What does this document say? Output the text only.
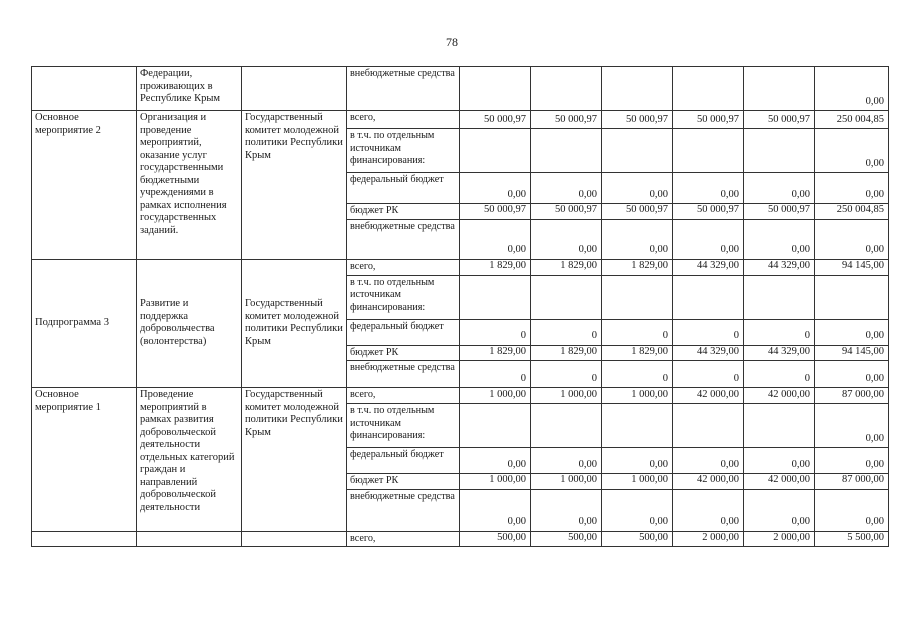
78
	Федерации, проживающих в Республике Крым		внебюджетные средства						0,00
Основное мероприятие 2	Организация и проведение мероприятий, оказание услуг государственными бюджетными учреждениями в рамках исполнения государственных заданий.	Государственный комитет молодежной политики Республики Крым	всего,	50 000,97	50 000,97	50 000,97	50 000,97	50 000,97	250 004,85
			в т.ч. по отдельным источникам финансирования:						0,00
			федеральный бюджет	0,00	0,00	0,00	0,00	0,00	0,00
			бюджет РК	50 000,97	50 000,97	50 000,97	50 000,97	50 000,97	250 004,85
			внебюджетные средства	0,00	0,00	0,00	0,00	0,00	0,00
Подпрограмма 3	Развитие и поддержка добровольчества (волонтерства)	Государственный комитет молодежной политики Республики Крым	всего,	1 829,00	1 829,00	1 829,00	44 329,00	44 329,00	94 145,00
			в т.ч. по отдельным источникам финансирования:						
			федеральный бюджет	0	0	0	0	0	0,00
			бюджет РК	1 829,00	1 829,00	1 829,00	44 329,00	44 329,00	94 145,00
			внебюджетные средства	0	0	0	0	0	0,00
Основное мероприятие 1	Проведение мероприятий в рамках развития добровольческой деятельности отдельных категорий граждан и направлений добровольческой деятельности	Государственный комитет молодежной политики Республики Крым	всего,	1 000,00	1 000,00	1 000,00	42 000,00	42 000,00	87 000,00
			в т.ч. по отдельным источникам финансирования:						0,00
			федеральный бюджет	0,00	0,00	0,00	0,00	0,00	0,00
			бюджет РК	1 000,00	1 000,00	1 000,00	42 000,00	42 000,00	87 000,00
			внебюджетные средства	0,00	0,00	0,00	0,00	0,00	0,00
			всего,	500,00	500,00	500,00	2 000,00	2 000,00	5 500,00
